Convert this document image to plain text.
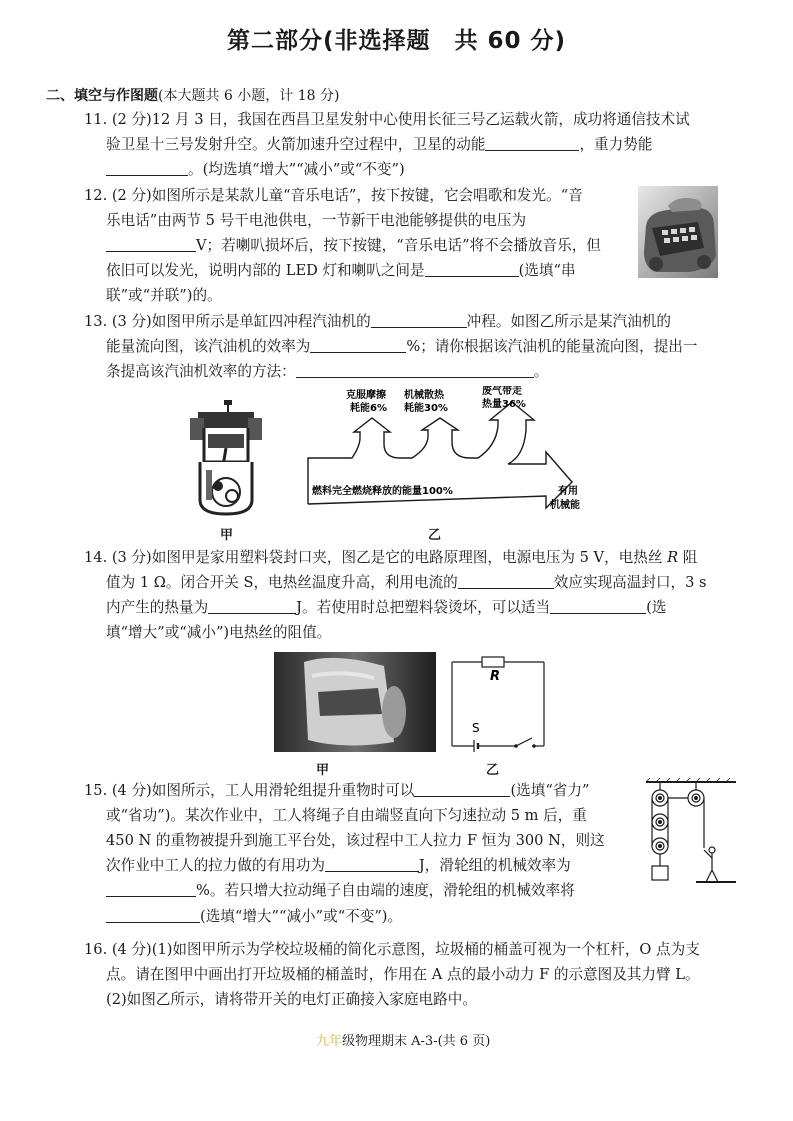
第二部分(非选择题　共 60 分)
二、填空与作图题(本大题共 6 小题，计 18 分)
11. (2 分)12 月 3 日，我国在西昌卫星发射中心使用长征三号乙运载火箭，成功将通信技术试
验卫星十三号发射升空。火箭加速升空过程中，卫星的动能	，重力势能
。(均选填“增大”“减小”或“不变”)
12. (2 分)如图所示是某款儿童“音乐电话”，按下按键，它会唱歌和发光。“音
乐电话”由两节 5 号干电池供电，一节新干电池能够提供的电压为
V；若喇叭损坏后，按下按键，“音乐电话”将不会播放音乐，但
依旧可以发光，说明内部的 LED 灯和喇叭之间是	(选填“串
联”或“并联”)的。
13. (3 分)如图甲所示是单缸四冲程汽油机的	冲程。如图乙所示是某汽油机的
能量流向图，该汽油机的效率为	%；请你根据该汽油机的能量流向图，提出一
条提高该汽油机效率的方法：	。
甲
克服摩擦
耗能6%
机械散热
耗能30%
废气带走
热量36%
燃料完全燃烧释放的能量100%	有用
机械能
乙
14. (3 分)如图甲是家用塑料袋封口夹，图乙是它的电路原理图，电源电压为 5 V，电热丝 R 阻
值为 1 Ω。闭合开关 S，电热丝温度升高，利用电流的	效应实现高温封口，3 s
内产生的热量为	J。若使用时总把塑料袋烫坏，可以适当	(选
填“增大”或“减小”)电热丝的阻值。
甲
R
S
乙
15. (4 分)如图所示，工人用滑轮组提升重物时可以	(选填“省力”
或“省功”)。某次作业中，工人将绳子自由端竖直向下匀速拉动 5 m 后，重
450 N 的重物被提升到施工平台处，该过程中工人拉力 F 恒为 300 N，则这
次作业中工人的拉力做的有用功为	J，滑轮组的机械效率为
%。若只增大拉动绳子自由端的速度，滑轮组的机械效率将
(选填“增大”“减小”或“不变”)。
16. (4 分)(1)如图甲所示为学校垃圾桶的简化示意图，垃圾桶的桶盖可视为一个杠杆，O 点为支
点。请在图甲中画出打开垃圾桶的桶盖时，作用在 A 点的最小动力 F 的示意图及其力臂 L。
(2)如图乙所示，请将带开关的电灯正确接入家庭电路中。
九年级物理期末 A-3-(共 6 页)
